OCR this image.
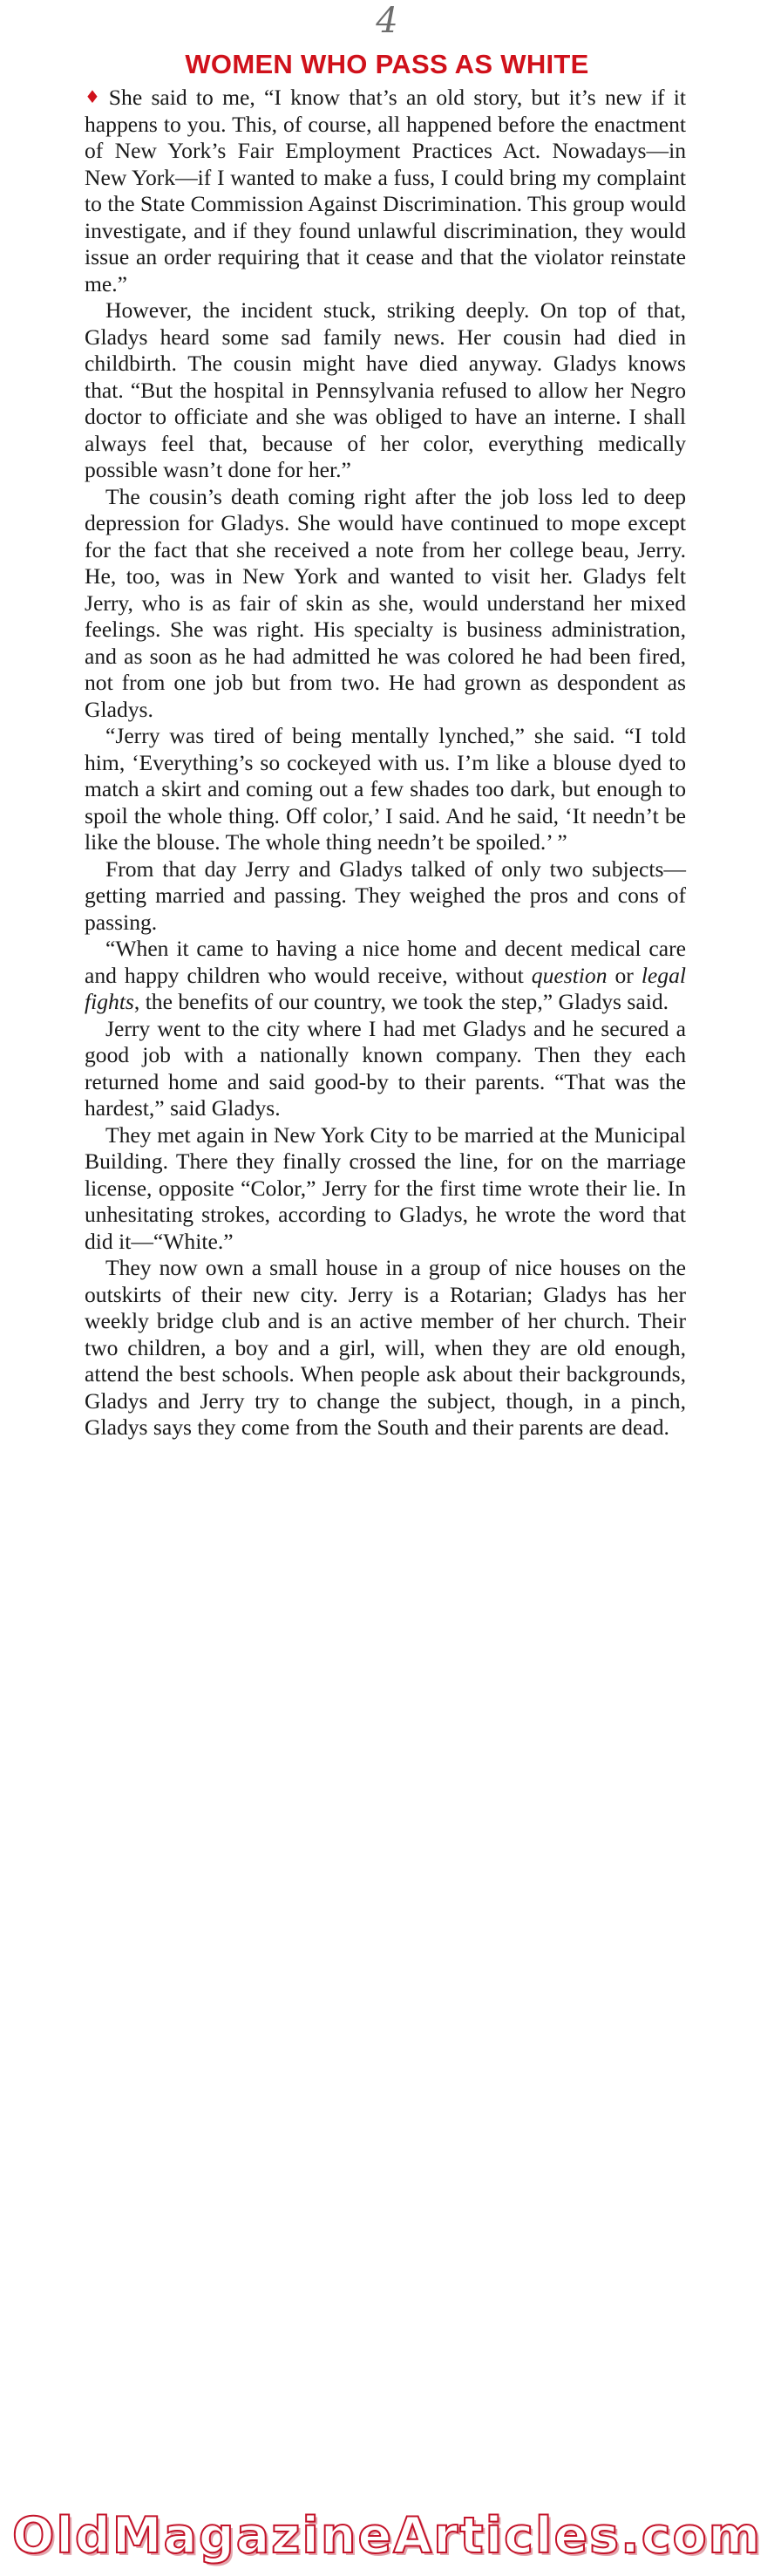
4
WOMEN WHO PASS AS WHITE

♦ She said to me, “I know that’s an old story, but it’s new if it happens to you. This, of course, all happened before the enactment of New York’s Fair Employment Practices Act. Nowadays—in New York—if I wanted to make a fuss, I could bring my complaint to the State Commission Against Discrimination. This group would investigate, and if they found unlawful discrimination, they would issue an order requiring that it cease and that the violator reinstate me.”

However, the incident stuck, striking deeply. On top of that, Gladys heard some sad family news. Her cousin had died in childbirth. The cousin might have died anyway. Gladys knows that. “But the hospital in Pennsylvania refused to allow her Negro doctor to officiate and she was obliged to have an interne. I shall always feel that, because of her color, everything medically possible wasn’t done for her.”

The cousin’s death coming right after the job loss led to deep depression for Gladys. She would have continued to mope except for the fact that she received a note from her college beau, Jerry. He, too, was in New York and wanted to visit her. Gladys felt Jerry, who is as fair of skin as she, would understand her mixed feelings. She was right. His specialty is business administration, and as soon as he had admitted he was colored he had been fired, not from one job but from two. He had grown as despondent as Gladys.

“Jerry was tired of being mentally lynched,” she said. “I told him, ‘Everything’s so cockeyed with us. I’m like a blouse dyed to match a skirt and coming out a few shades too dark, but enough to spoil the whole thing. Off color,’ I said. And he said, ‘It needn’t be like the blouse. The whole thing needn’t be spoiled.’ ”

From that day Jerry and Gladys talked of only two subjects—getting married and passing. They weighed the pros and cons of passing.

“When it came to having a nice home and decent medical care and happy children who would receive, without question or legal fights, the benefits of our country, we took the step,” Gladys said.

Jerry went to the city where I had met Gladys and he secured a good job with a nationally known company. Then they each returned home and said good-by to their parents. “That was the hardest,” said Gladys.

They met again in New York City to be married at the Municipal Building. There they finally crossed the line, for on the marriage license, opposite “Color,” Jerry for the first time wrote their lie. In unhesitating strokes, according to Gladys, he wrote the word that did it—“White.”

They now own a small house in a group of nice houses on the outskirts of their new city. Jerry is a Rotarian; Gladys has her weekly bridge club and is an active member of her church. Their two children, a boy and a girl, will, when they are old enough, attend the best schools. When people ask about their backgrounds, Gladys and Jerry try to change the subject, though, in a pinch, Gladys says they come from the South and their parents are dead.

OldMagazineArticles.com
